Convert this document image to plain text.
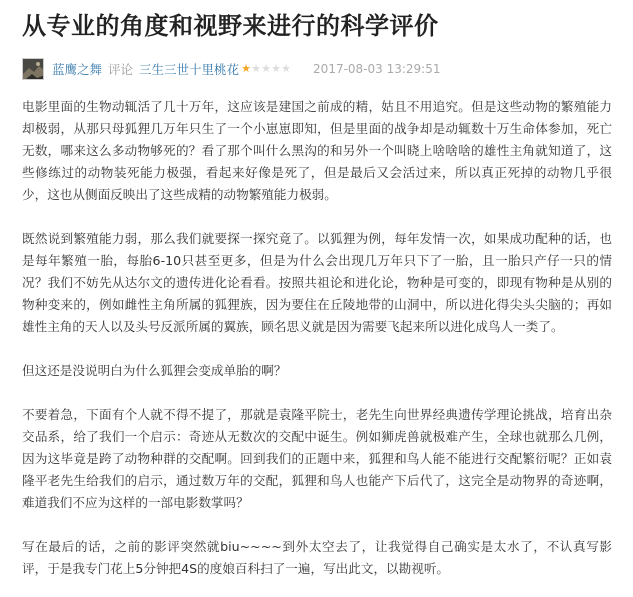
从专业的角度和视野来进行的科学评价
蓝鹰之舞 评论 三生三世十里桃花 ★ ★ ★ ★ ★ 2017-08-03 13:29:51

电影里面的生物动辄活了几十万年，这应该是建国之前成的精，姑且不用追究。但是这些动物的繁殖能力却极弱，从那只母狐狸几万年只生了一个小崽崽即知，但是里面的战争却是动辄数十万生命体参加，死亡无数，哪来这么多动物够死的？看了那个叫什么黑沟的和另外一个叫晓上啥啥啥的雄性主角就知道了，这些修练过的动物装死能力极强，看起来好像是死了，但是最后又会活过来，所以真正死掉的动物几乎很少，这也从侧面反映出了这些成精的动物繁殖能力极弱。

既然说到繁殖能力弱，那么我们就要探一探究竟了。以狐狸为例，每年发情一次，如果成功配种的话，也是每年繁殖一胎，每胎6-10只甚至更多，但是为什么会出现几万年只下了一胎，且一胎只产仔一只的情况？我们不妨先从达尔文的遗传进化论看看。按照共祖论和进化论，物种是可变的，即现有物种是从别的物种变来的，例如雌性主角所属的狐狸族，因为要住在丘陵地带的山洞中，所以进化得尖头尖脑的；再如雄性主角的天人以及头号反派所属的翼族，顾名思义就是因为需要飞起来所以进化成鸟人一类了。

但这还是没说明白为什么狐狸会变成单胎的啊？

不要着急，下面有个人就不得不提了，那就是袁隆平院士，老先生向世界经典遗传学理论挑战，培育出杂交品系，给了我们一个启示：奇迹从无数次的交配中诞生。例如狮虎兽就极难产生，全球也就那么几例，因为这毕竟是跨了动物种群的交配啊。回到我们的正题中来，狐狸和鸟人能不能进行交配繁衍呢？正如袁隆平老先生给我们的启示，通过数万年的交配，狐狸和鸟人也能产下后代了，这完全是动物界的奇迹啊，难道我们不应为这样的一部电影数掌吗？

写在最后的话，之前的影评突然就biu~~~~到外太空去了，让我觉得自己确实是太水了，不认真写影评，于是我专门花上5分钟把4S的度娘百科扫了一遍，写出此文，以勘视听。
